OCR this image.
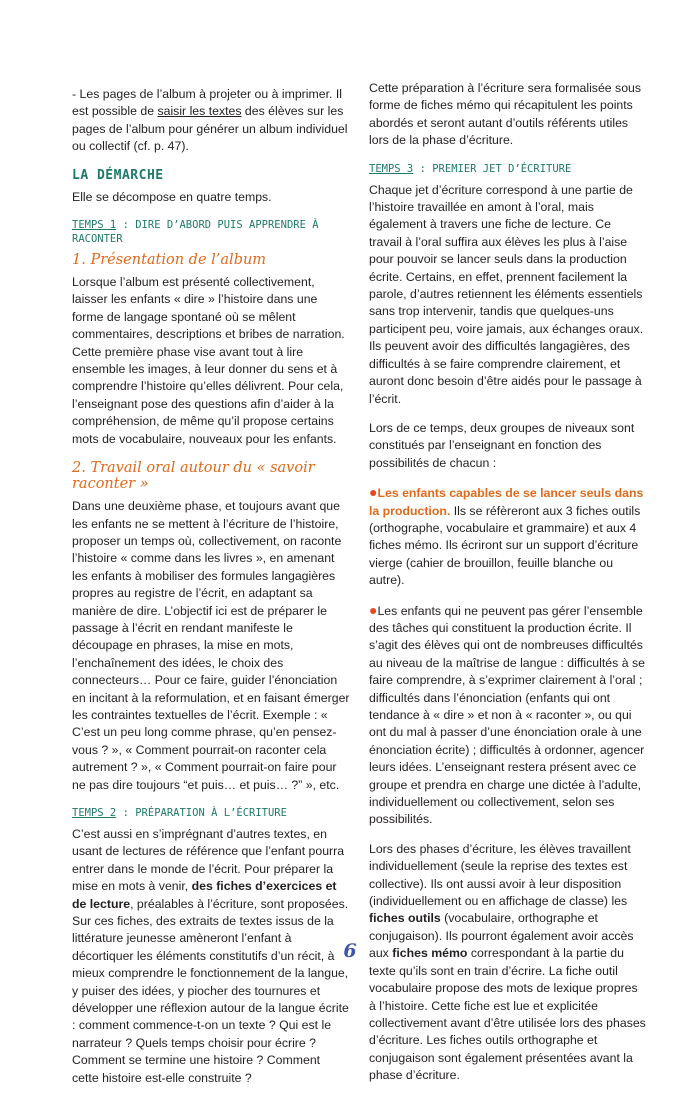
- Les pages de l’album à projeter ou à imprimer. Il est possible de saisir les textes des élèves sur les pages de l’album pour générer un album individuel ou collectif (cf. p. 47).

LA DÉMARCHE

Elle se décompose en quatre temps.

TEMPS 1 : DIRE D’ABORD PUIS APPRENDRE À RACONTER
1. Présentation de l’album

Lorsque l’album est présenté collectivement, laisser les enfants « dire » l’histoire dans une forme de langage spontané où se mêlent commentaires, descriptions et bribes de narration. Cette première phase vise avant tout à lire ensemble les images, à leur donner du sens et à comprendre l’histoire qu’elles délivrent. Pour cela, l’enseignant pose des questions afin d’aider à la compréhension, de même qu’il propose certains mots de vocabulaire, nouveaux pour les enfants.

2. Travail oral autour du « savoir raconter »

Dans une deuxième phase, et toujours avant que les enfants ne se mettent à l’écriture de l’histoire, proposer un temps où, collectivement, on raconte l’histoire « comme dans les livres », en amenant les enfants à mobiliser des formules langagières propres au registre de l’écrit, en adaptant sa manière de dire. L’objectif ici est de préparer le passage à l’écrit en rendant manifeste le découpage en phrases, la mise en mots, l’enchaînement des idées, le choix des connecteurs… Pour ce faire, guider l’énonciation en incitant à la reformulation, et en faisant émerger les contraintes textuelles de l’écrit. Exemple : « C’est un peu long comme phrase, qu’en pensez-vous ? », « Comment pourrait-on raconter cela autrement ? », « Comment pourrait-on faire pour ne pas dire toujours “et puis… et puis… ?” », etc.

TEMPS 2 : PRÉPARATION À L’ÉCRITURE

C’est aussi en s’imprégnant d’autres textes, en usant de lectures de référence que l’enfant pourra entrer dans le monde de l’écrit. Pour préparer la mise en mots à venir, des fiches d’exercices et de lecture, préalables à l’écriture, sont proposées. Sur ces fiches, des extraits de textes issus de la littérature jeunesse amèneront l’enfant à décortiquer les éléments constitutifs d’un récit, à mieux comprendre le fonctionnement de la langue, y puiser des idées, y piocher des tournures et développer une réflexion autour de la langue écrite : comment commence-t-on un texte ? Qui est le narrateur ? Quels temps choisir pour écrire ? Comment se termine une histoire ? Comment cette histoire est-elle construite ?

Cette préparation à l’écriture sera formalisée sous forme de fiches mémo qui récapitulent les points abordés et seront autant d’outils référents utiles lors de la phase d’écriture.

TEMPS 3 : PREMIER JET D’ÉCRITURE

Chaque jet d’écriture correspond à une partie de l’histoire travaillée en amont à l’oral, mais également à travers une fiche de lecture. Ce travail à l’oral suffira aux élèves les plus à l’aise pour pouvoir se lancer seuls dans la production écrite. Certains, en effet, prennent facilement la parole, d’autres retiennent les éléments essentiels sans trop intervenir, tandis que quelques-uns participent peu, voire jamais, aux échanges oraux. Ils peuvent avoir des difficultés langagières, des difficultés à se faire comprendre clairement, et auront donc besoin d’être aidés pour le passage à l’écrit.

Lors de ce temps, deux groupes de niveaux sont constitués par l’enseignant en fonction des possibilités de chacun :

●Les enfants capables de se lancer seuls dans la production. Ils se réfèreront aux 3 fiches outils (orthographe, vocabulaire et grammaire) et aux 4 fiches mémo. Ils écriront sur un support d’écriture vierge (cahier de brouillon, feuille blanche ou autre).

●Les enfants qui ne peuvent pas gérer l’ensemble des tâches qui constituent la production écrite. Il s’agit des élèves qui ont de nombreuses difficultés au niveau de la maîtrise de langue : difficultés à se faire comprendre, à s’exprimer clairement à l’oral ; difficultés dans l’énonciation (enfants qui ont tendance à « dire » et non à « raconter », ou qui ont du mal à passer d’une énonciation orale à une énonciation écrite) ; difficultés à ordonner, agencer leurs idées. L’enseignant restera présent avec ce groupe et prendra en charge une dictée à l’adulte, individuellement ou collectivement, selon ses possibilités.

Lors des phases d’écriture, les élèves travaillent individuellement (seule la reprise des textes est collective). Ils ont aussi avoir à leur disposition (individuellement ou en affichage de classe) les fiches outils (vocabulaire, orthographe et conjugaison). Ils pourront également avoir accès aux fiches mémo correspondant à la partie du texte qu’ils sont en train d’écrire. La fiche outil vocabulaire propose des mots de lexique propres à l’histoire. Cette fiche est lue et explicitée collectivement avant d’être utilisée lors des phases d’écriture. Les fiches outils orthographe et conjugaison sont également présentées avant la phase d’écriture.

6
